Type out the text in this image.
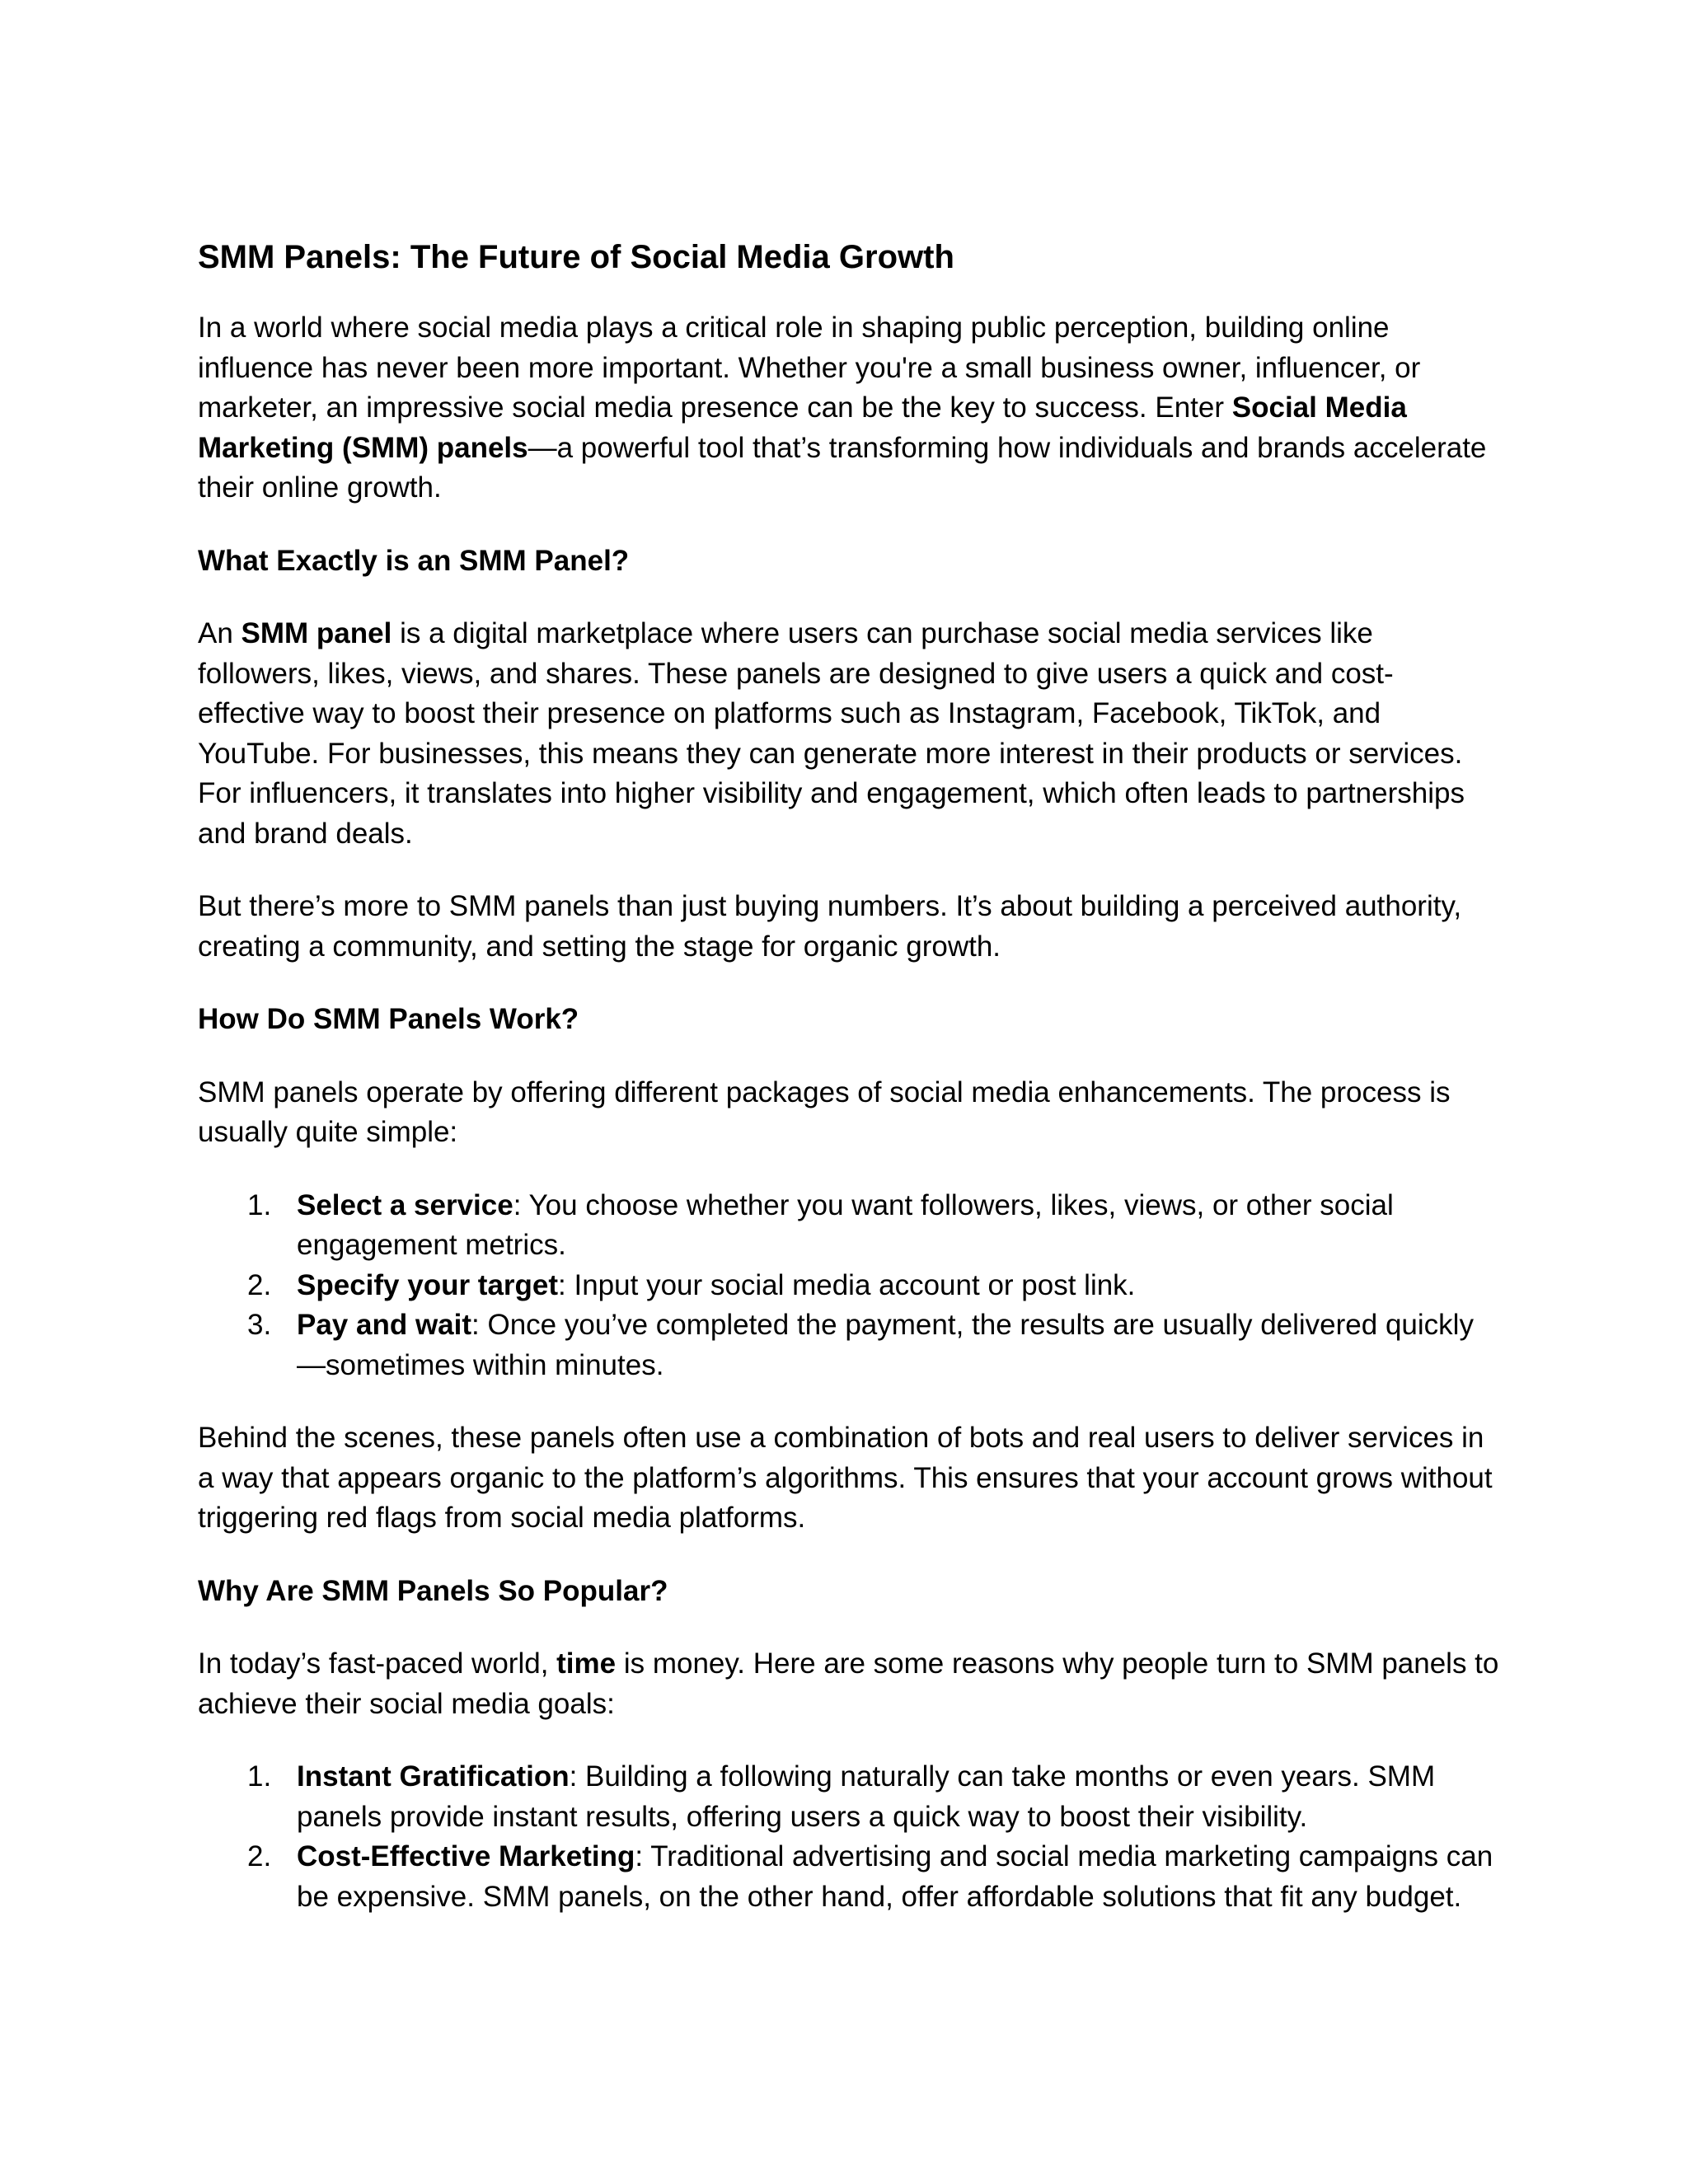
SMM Panels: The Future of Social Media Growth

In a world where social media plays a critical role in shaping public perception, building online influence has never been more important. Whether you're a small business owner, influencer, or marketer, an impressive social media presence can be the key to success. Enter Social Media Marketing (SMM) panels—a powerful tool that’s transforming how individuals and brands accelerate their online growth.

What Exactly is an SMM Panel?

An SMM panel is a digital marketplace where users can purchase social media services like followers, likes, views, and shares. These panels are designed to give users a quick and cost-effective way to boost their presence on platforms such as Instagram, Facebook, TikTok, and YouTube. For businesses, this means they can generate more interest in their products or services. For influencers, it translates into higher visibility and engagement, which often leads to partnerships and brand deals.

But there’s more to SMM panels than just buying numbers. It’s about building a perceived authority, creating a community, and setting the stage for organic growth.

How Do SMM Panels Work?

SMM panels operate by offering different packages of social media enhancements. The process is usually quite simple:

1. Select a service: You choose whether you want followers, likes, views, or other social engagement metrics.
2. Specify your target: Input your social media account or post link.
3. Pay and wait: Once you’ve completed the payment, the results are usually delivered quickly—sometimes within minutes.

Behind the scenes, these panels often use a combination of bots and real users to deliver services in a way that appears organic to the platform’s algorithms. This ensures that your account grows without triggering red flags from social media platforms.

Why Are SMM Panels So Popular?

In today’s fast-paced world, time is money. Here are some reasons why people turn to SMM panels to achieve their social media goals:

1. Instant Gratification: Building a following naturally can take months or even years. SMM panels provide instant results, offering users a quick way to boost their visibility.
2. Cost-Effective Marketing: Traditional advertising and social media marketing campaigns can be expensive. SMM panels, on the other hand, offer affordable solutions that fit any budget.
